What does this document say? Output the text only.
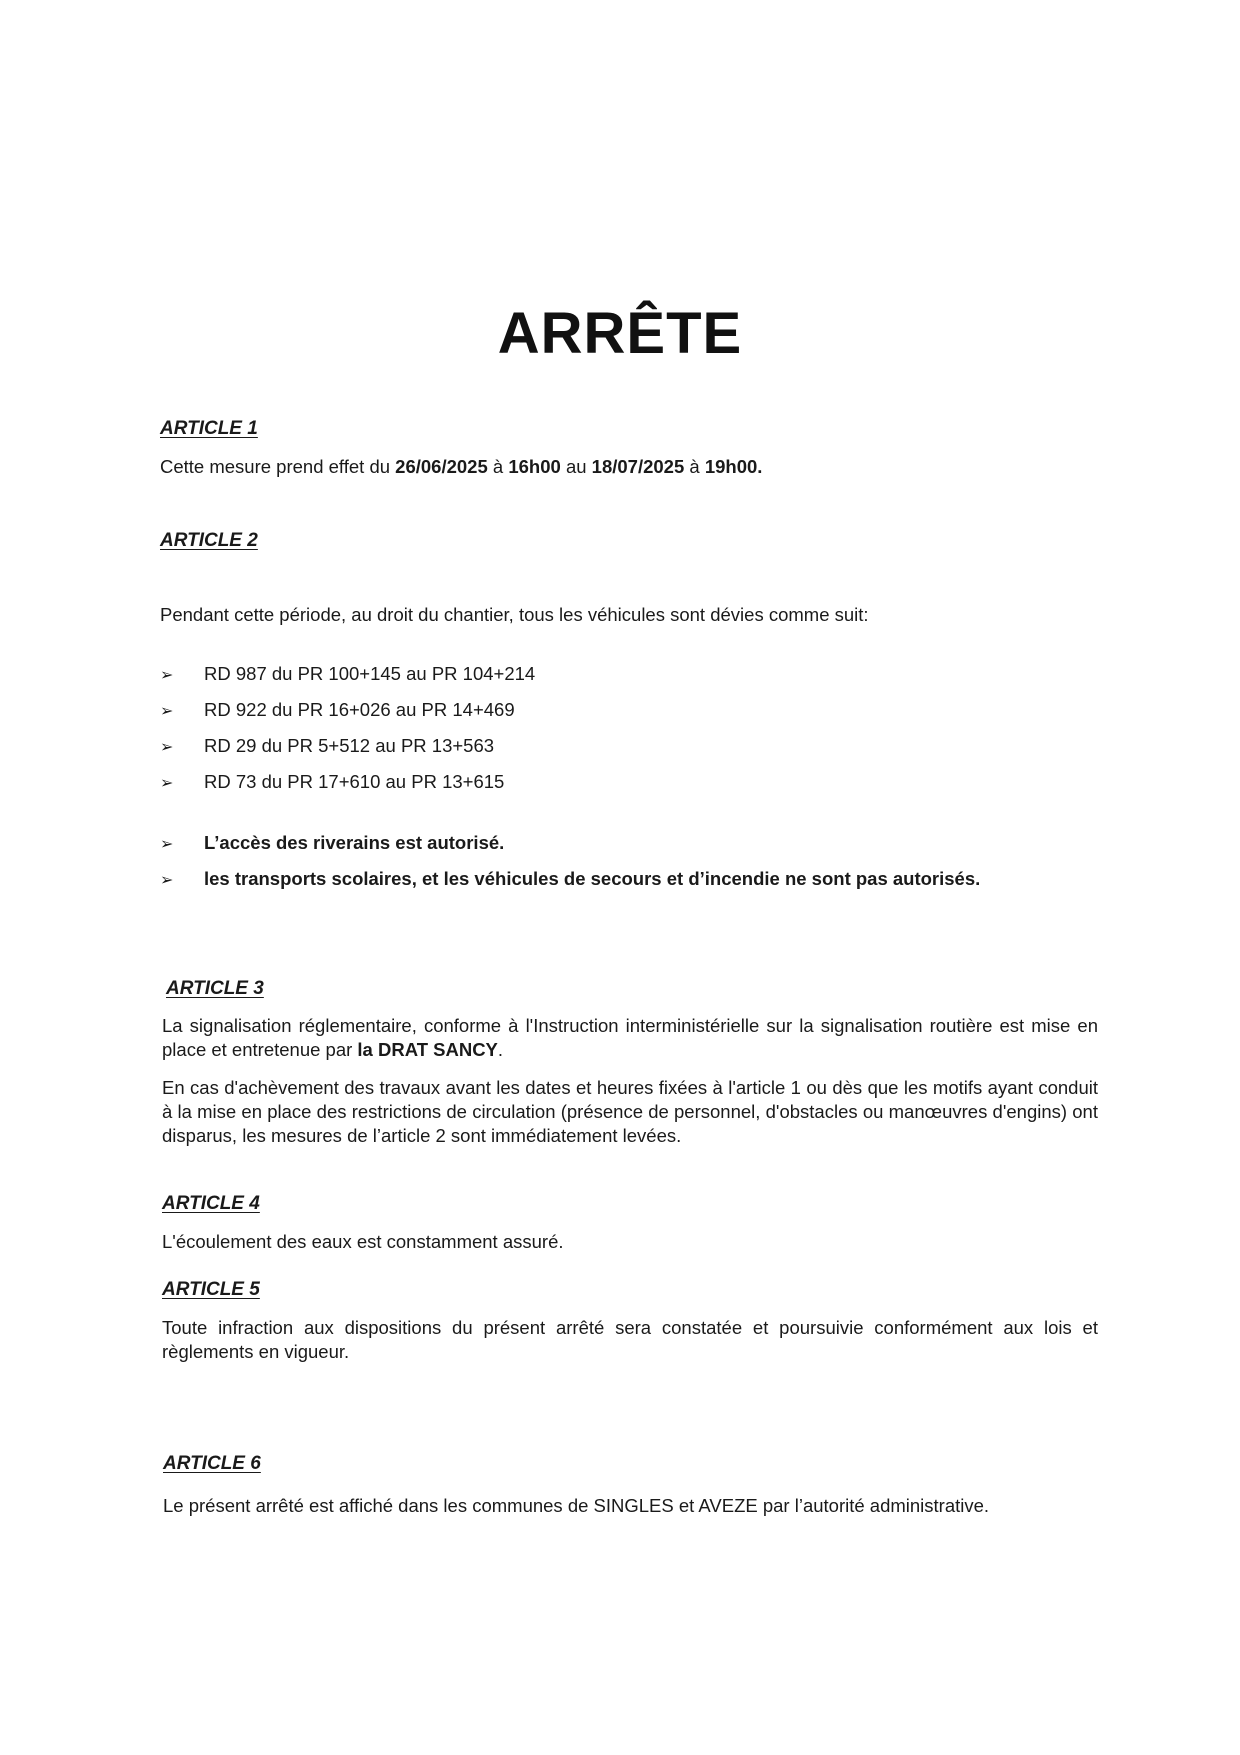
ARRÊTE
ARTICLE 1
Cette mesure prend effet du 26/06/2025 à 16h00 au 18/07/2025 à 19h00.
ARTICLE 2
Pendant cette période, au droit du chantier, tous les véhicules sont dévies comme suit:
➢ RD 987 du PR 100+145 au PR 104+214
➢ RD 922 du PR 16+026 au PR 14+469
➢ RD 29 du PR 5+512 au PR 13+563
➢ RD 73 du PR 17+610 au PR 13+615
➢ L’accès des riverains est autorisé.
➢ les transports scolaires, et les véhicules de secours et d’incendie ne sont pas autorisés.
ARTICLE 3
La signalisation réglementaire, conforme à l'Instruction interministérielle sur la signalisation routière est mise en place et entretenue par la DRAT SANCY.
En cas d'achèvement des travaux avant les dates et heures fixées à l'article 1 ou dès que les motifs ayant conduit à la mise en place des restrictions de circulation (présence de personnel, d'obstacles ou manœuvres d'engins) ont disparus, les mesures de l’article 2 sont immédiatement levées.
ARTICLE 4
L'écoulement des eaux est constamment assuré.
ARTICLE 5
Toute infraction aux dispositions du présent arrêté sera constatée et poursuivie conformément aux lois et règlements en vigueur.
ARTICLE 6
Le présent arrêté est affiché dans les communes de SINGLES et AVEZE par l’autorité administrative.
